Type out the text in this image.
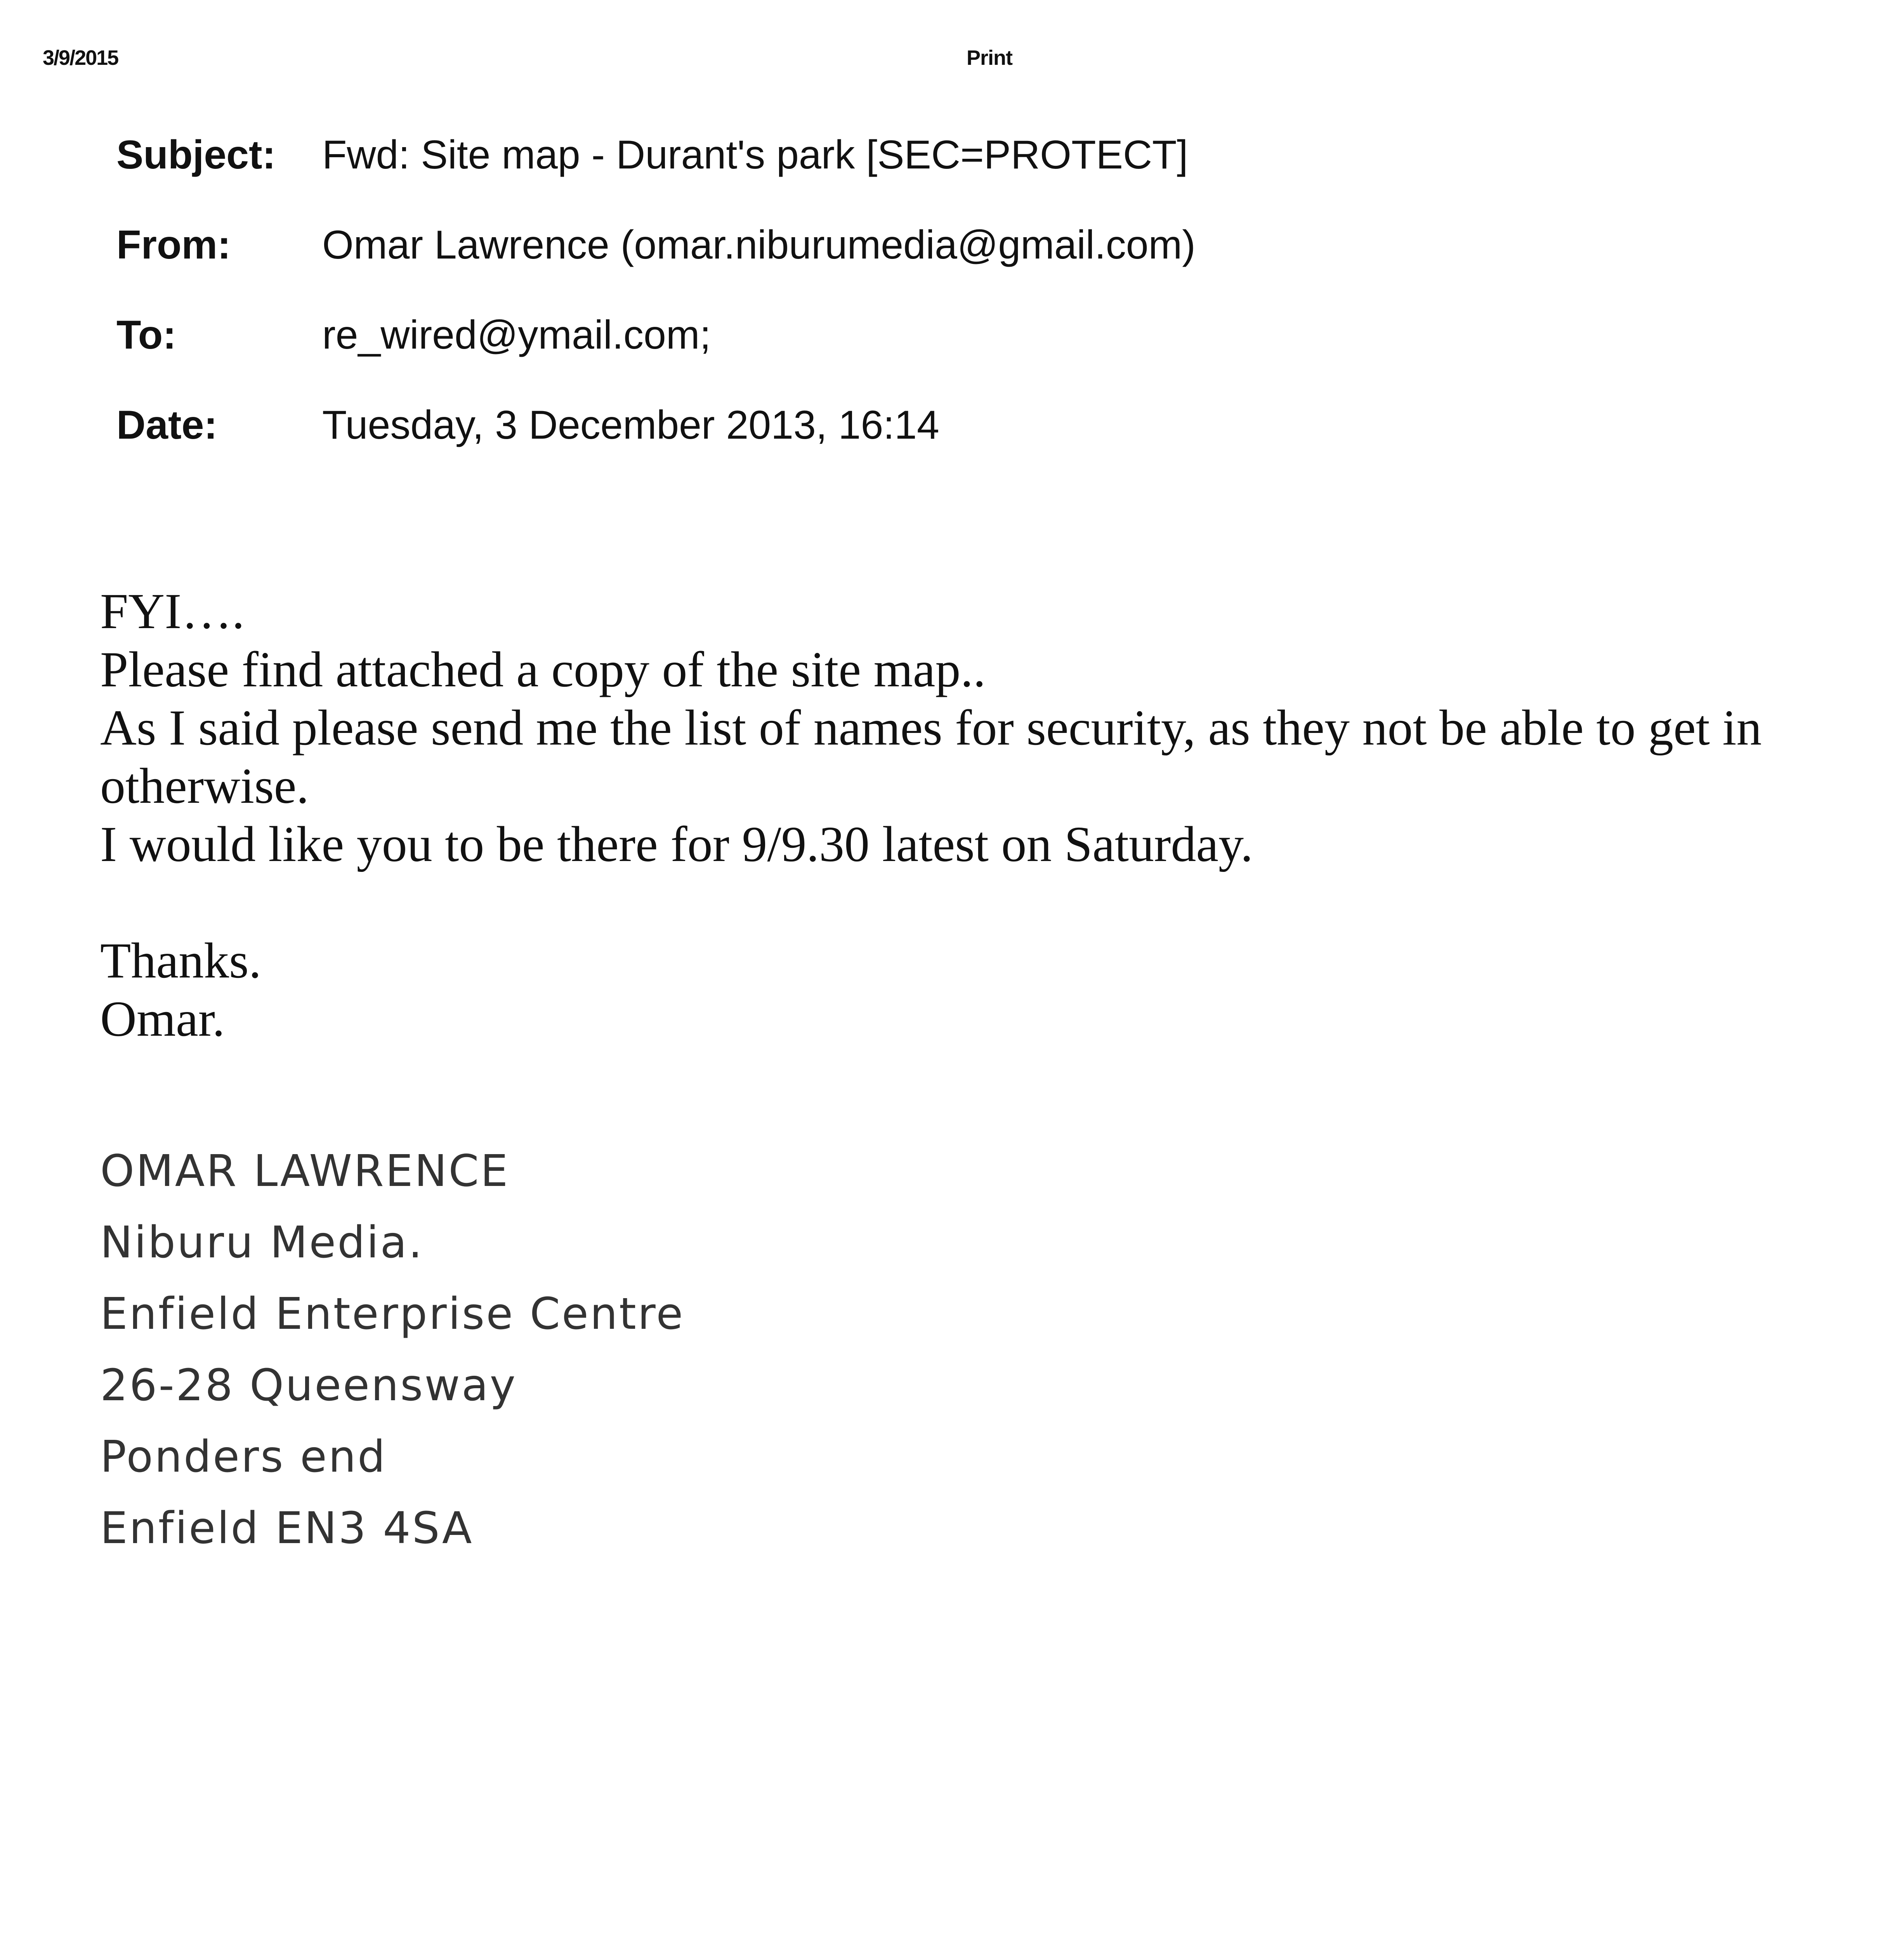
3/9/2015	Print
Subject: Fwd: Site map - Durant's park [SEC=PROTECT]
From: Omar Lawrence (omar.niburumedia@gmail.com)
To:	re_wired@ymail.com;
Date:	Tuesday, 3 December 2013, 16:14

FYI….

Please find attached a copy of the site map..

As I said please send me the list of names for security, as they not be able to get in otherwise.

I would like you to be there for 9/9.30 latest on Saturday.

Thanks.

Omar.

OMAR LAWRENCE

Niburu Media.

Enfield Enterprise Centre

26-28 Queensway

Ponders end

Enfield EN3 4SA
